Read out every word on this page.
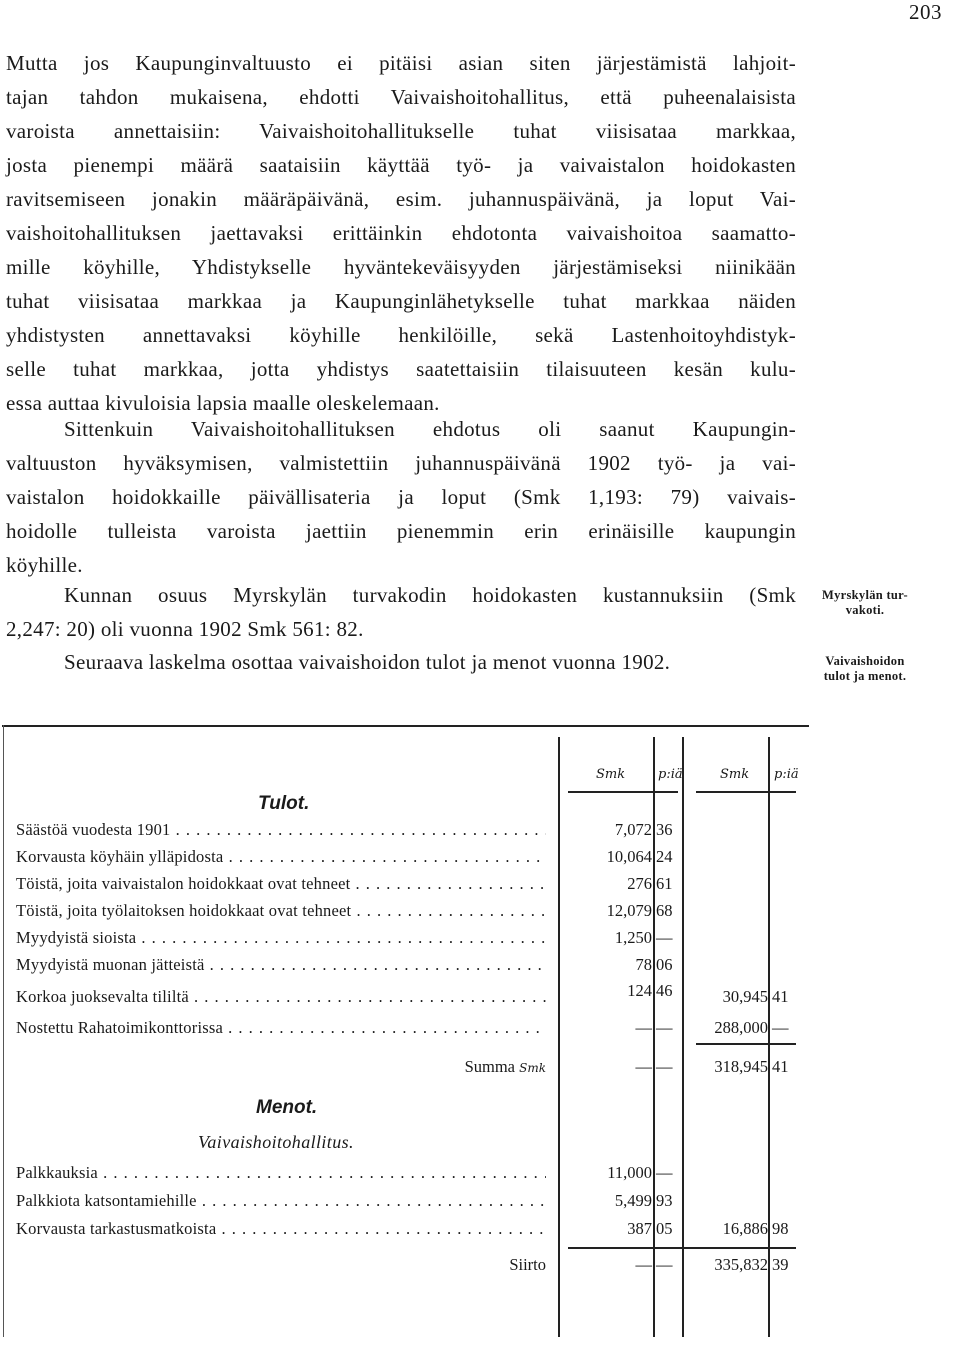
203
Mutta jos Kaupunginvaltuusto ei pitäisi asian siten järjestämistä lahjoit-
tajan tahdon mukaisena, ehdotti Vaivaishoitohallitus, että puheenalaisista
varoista annettaisiin: Vaivaishoitohallitukselle tuhat viisisataa markkaa,
josta pienempi määrä saataisiin käyttää työ- ja vaivaistalon hoidokasten
ravitsemiseen jonakin määräpäivänä, esim. juhannuspäivänä, ja loput Vai-
vaishoitohallituksen jaettavaksi erittäinkin ehdotonta vaivaishoitoa saamatto-
mille köyhille, Yhdistykselle hyväntekeväisyyden järjestämiseksi niinikään
tuhat viisisataa markkaa ja Kaupunginlähetykselle tuhat markkaa näiden
yhdistysten annettavaksi köyhille henkilöille, sekä Lastenhoitoyhdistyk-
selle tuhat markkaa, jotta yhdistys saatettaisiin tilaisuuteen kesän kulu-
essa auttaa kivuloisia lapsia maalle oleskelemaan.
Sittenkuin Vaivaishoitohallituksen ehdotus oli saanut Kaupungin-
valtuuston hyväksymisen, valmistettiin juhannuspäivänä 1902 työ- ja vai-
vaistalon hoidokkaille päivällisateria ja loput (Smk 1,193: 79) vaivais-
hoidolle tulleista varoista jaettiin pienemmin erin erinäisille kaupungin
köyhille.
Kunnan osuus Myrskylän turvakodin hoidokasten kustannuksiin (Smk
2,247: 20) oli vuonna 1902 Smk 561: 82.
Seuraava laskelma osottaa vaivaishoidon tulot ja menot vuonna 1902.
Myrskylän tur-
vakoti.
Vaivaishoidon
tulot ja menot.
Smk	p:iä	Smk p:iä
Tulot.
Säästöä vuodesta 1901 . . .	7,072 36
Korvausta köyhäin ylläpidosta . . .	10,064 24
Töistä, joita vaivaistalon hoidokkaat ovat tehneet . . .	276 61
Töistä, joita työlaitoksen hoidokkaat ovat tehneet . . .	12,079 68
Myydyistä sioista . . .	1,250 —
Myydyistä muonan jätteistä . . .	78 06
Korkoa juoksevalta tililtä . . .	124 46	30,945 41
Nostettu Rahatoimikonttorissa . . .	— —	288,000 —
Summa Smk	— —	318,945 41
Menot.
Vaivaishoitohallitus.
Palkkauksia . . .	11,000 —
Palkkiota katsontamiehille . . .	5,499 93
Korvausta tarkastusmatkoista . . .	387 05	16,886 98
Siirto	— —	335,832 39
